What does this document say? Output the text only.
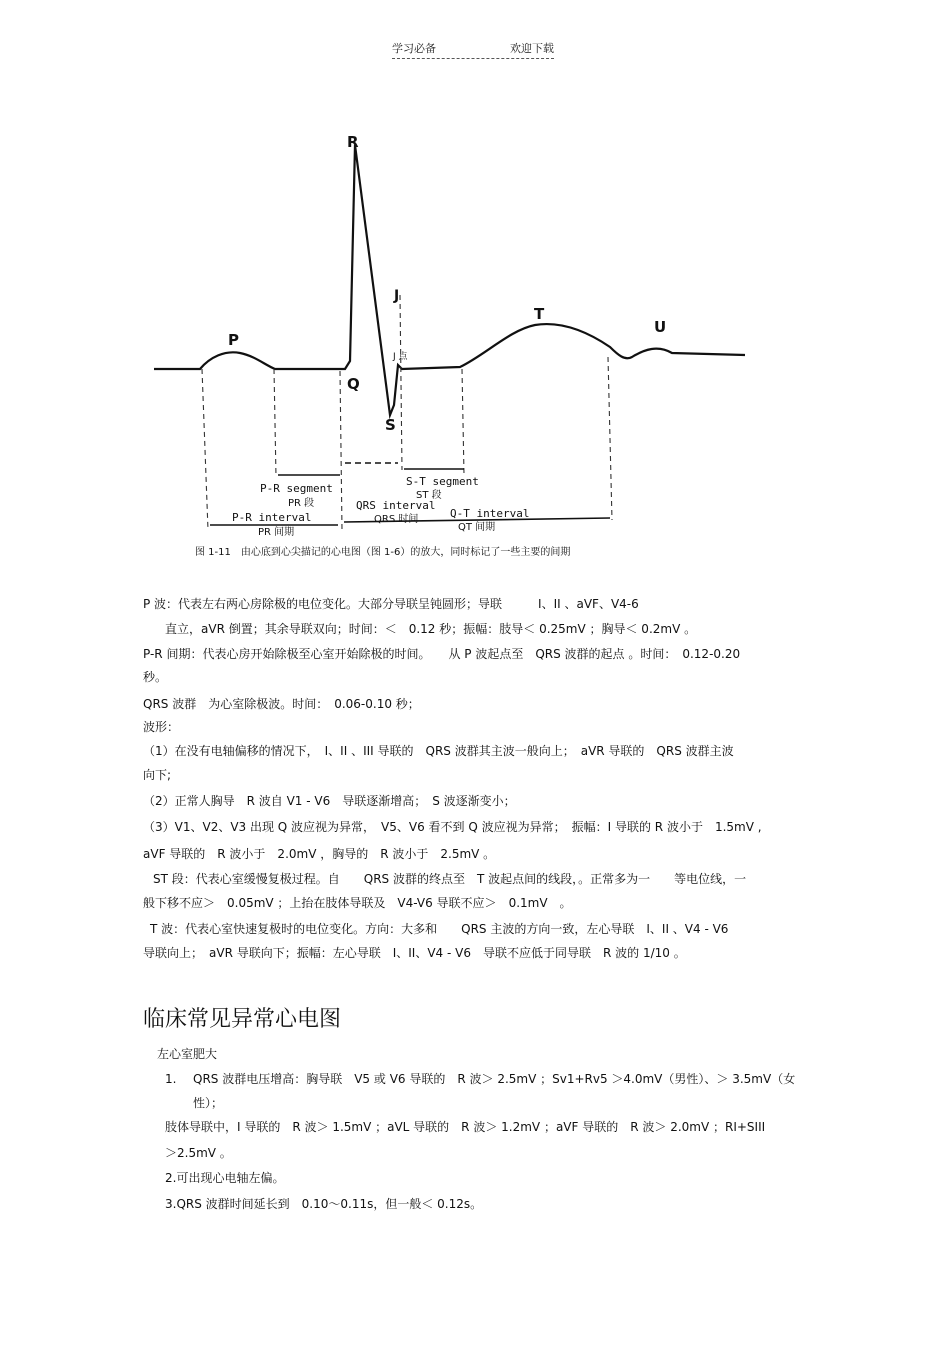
学习必备	欢迎下载
P
Q
R
S
T
U
J
J 点
P-R segment
PR 段
P-R interval
PR 间期
QRS interval
QRS 时间
S-T segment
ST 段
Q-T interval
QT 间期
图 1-11　由心底到心尖描记的心电图（图 1-6）的放大，同时标记了一些主要的间期

P 波：代表左右两心房除极的电位变化。大部分导联呈钝圆形；导联　　　I、II 、aVF、V4-6

直立，aVR 倒置；其余导联双向；时间：＜　0.12 秒；振幅：肢导＜ 0.25mV ；胸导＜ 0.2mV 。

P-R 间期：代表心房开始除极至心室开始除极的时间。　　从 P 波起点至　QRS 波群的起点 。时间：　0.12-0.20

秒。

QRS 波群　为心室除极波。时间：　0.06-0.10 秒；

波形：

（1）在没有电轴偏移的情况下，　I、II 、III 导联的　QRS 波群其主波一般向上；　aVR 导联的　QRS 波群主波

向下;

（2）正常人胸导　R 波自 V1 - V6　导联逐渐增高；　S 波逐渐变小；

（3）V1、V2、V3 出现 Q 波应视为异常，　V5、V6 看不到 Q 波应视为异常；　振幅：I 导联的 R 波小于　1.5mV ,

aVF 导联的　R 波小于　2.0mV ，胸导的　R 波小于　2.5mV 。

ST 段：代表心室缓慢复极过程。自　　QRS 波群的终点至　T 波起点间的线段，。正常多为一　　等电位线，一

般下移不应＞　0.05mV ；上抬在肢体导联及　V4-V6 导联不应＞　0.1mV　。

T 波：代表心室快速复极时的电位变化。方向：大多和　　QRS 主波的方向一致，左心导联　I、II 、V4 - V6

导联向上；　aVR 导联向下；振幅：左心导联　I、II、V4 - V6　导联不应低于同导联　R 波的 1/10 。

临床常见异常心电图

左心室肥大

1. QRS 波群电压增高：胸导联　V5 或 V6 导联的　R 波＞ 2.5mV ；Sv1+Rv5 ＞4.0mV（男性）、＞ 3.5mV（女性）；

肢体导联中，I 导联的　R 波＞ 1.5mV ；aVL 导联的　R 波＞ 1.2mV ；aVF 导联的　R 波＞ 2.0mV ；RI+SIII

＞2.5mV 。

2.可出现心电轴左偏。

3.QRS 波群时间延长到　0.10～0.11s，但一般＜ 0.12s。
